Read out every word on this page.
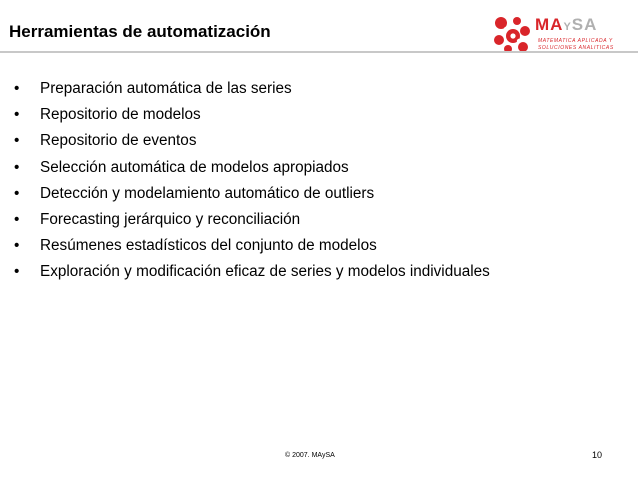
Herramientas de automatización	MAYSA
MATEMATICA APLICADA Y
SOLUCIONES ANALITICAS
•	Preparación automática de las series
•	Repositorio de modelos
•	Repositorio de eventos
•	Selección automática de modelos apropiados
•	Detección y modelamiento automático de outliers
•	Forecasting jerárquico y reconciliación
•	Resúmenes estadísticos del conjunto de modelos
•	Exploración y modificación eficaz de series y modelos individuales
© 2007. MAySA	10
